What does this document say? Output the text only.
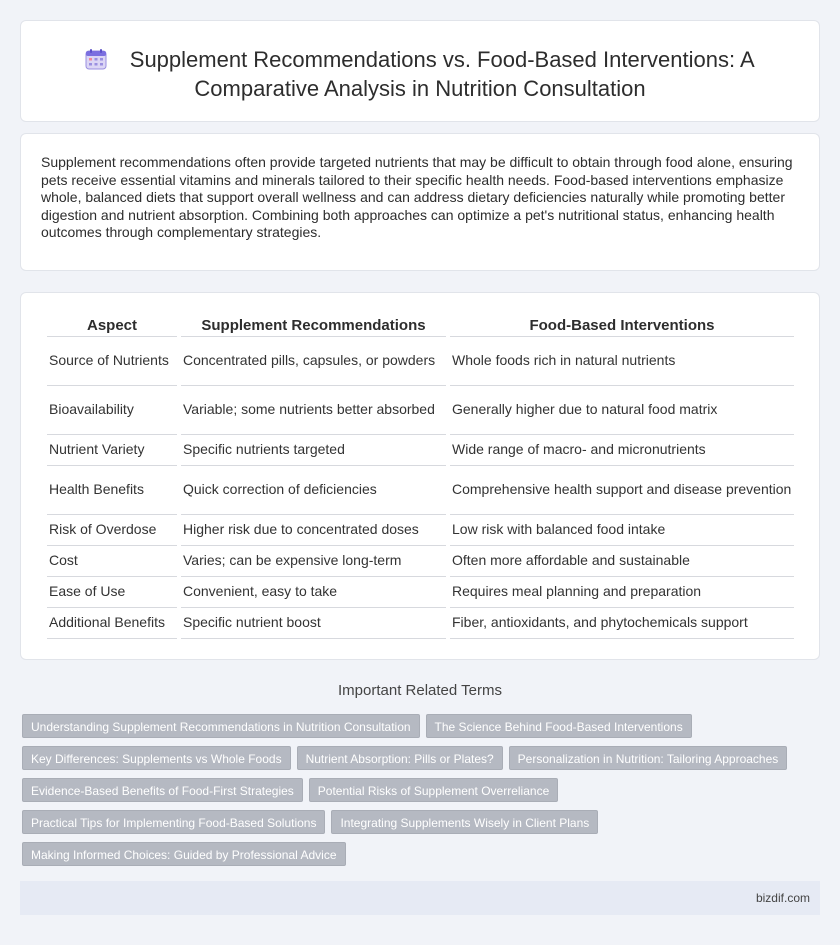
Supplement Recommendations vs. Food-Based Interventions: A Comparative Analysis in Nutrition Consultation

Supplement recommendations often provide targeted nutrients that may be difficult to obtain through food alone, ensuring pets receive essential vitamins and minerals tailored to their specific health needs. Food-based interventions emphasize whole, balanced diets that support overall wellness and can address dietary deficiencies naturally while promoting better digestion and nutrient absorption. Combining both approaches can optimize a pet's nutritional status, enhancing health outcomes through complementary strategies.

Aspect	Supplement Recommendations	Food-Based Interventions
Source of Nutrients	Concentrated pills, capsules, or powders	Whole foods rich in natural nutrients
Bioavailability	Variable; some nutrients better absorbed	Generally higher due to natural food matrix
Nutrient Variety	Specific nutrients targeted	Wide range of macro- and micronutrients
Health Benefits	Quick correction of deficiencies	Comprehensive health support and disease prevention
Risk of Overdose	Higher risk due to concentrated doses	Low risk with balanced food intake
Cost	Varies; can be expensive long-term	Often more affordable and sustainable
Ease of Use	Convenient, easy to take	Requires meal planning and preparation
Additional Benefits	Specific nutrient boost	Fiber, antioxidants, and phytochemicals support
Important Related Terms
Understanding Supplement Recommendations in Nutrition Consultation The Science Behind Food-Based Interventions
Key Differences: Supplements vs Whole Foods Nutrient Absorption: Pills or Plates? Personalization in Nutrition: Tailoring Approaches
Evidence-Based Benefits of Food-First Strategies Potential Risks of Supplement Overreliance
Practical Tips for Implementing Food-Based Solutions Integrating Supplements Wisely in Client Plans
Making Informed Choices: Guided by Professional Advice
bizdif.com
